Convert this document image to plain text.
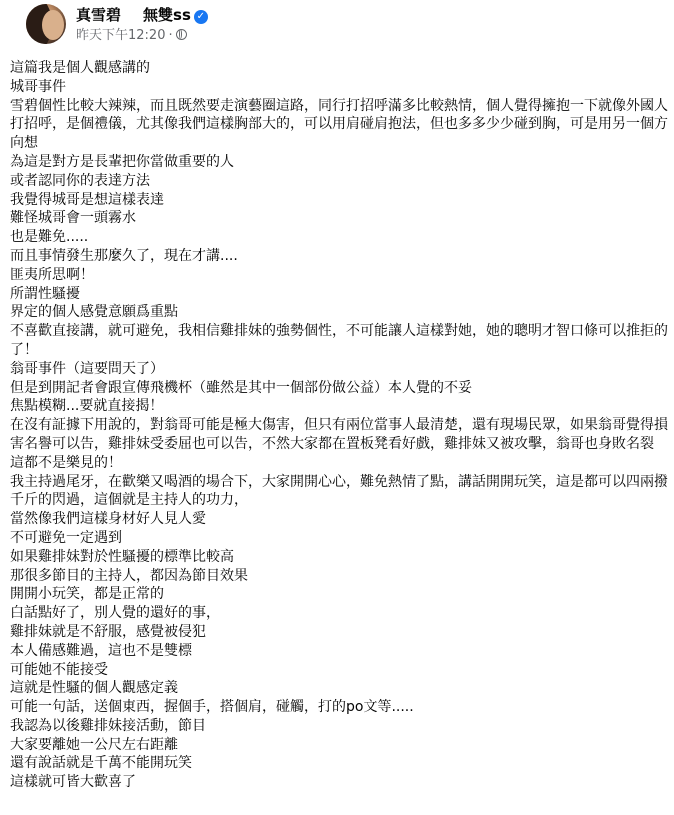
真雪碧 無雙ss ✓
昨天下午12:20 ·
這篇我是個人觀感講的
城哥事件
雪碧個性比較大辣辣，而且既然要走演藝圈這路，同行打招呼滿多比較熱情，個人覺得擁抱一下就像外國人打招呼，是個禮儀，尤其像我們這樣胸部大的，可以用肩碰肩抱法，但也多多少少碰到胸，可是用另一個方向想
為這是對方是長輩把你當做重要的人
或者認同你的表達方法
我覺得城哥是想這樣表達
難怪城哥會一頭霧水
也是難免.....
而且事情發生那麼久了，現在才講....
匪夷所思啊！
所謂性騷擾
界定的個人感覺意願爲重點
不喜歡直接講，就可避免，我相信雞排妹的強勢個性，不可能讓人這樣對她，她的聰明才智口條可以推拒的了！
翁哥事件（這要問天了）
但是到開記者會跟宣傳飛機杯（雖然是其中一個部份做公益）本人覺的不妥
焦點模糊...要就直接揭！
在沒有証據下用說的，對翁哥可能是極大傷害，但只有兩位當事人最清楚，還有現場民眾，如果翁哥覺得損害名譽可以告，雞排妹受委屈也可以告，不然大家都在置板凳看好戲，雞排妹又被攻擊，翁哥也身敗名裂
這都不是樂見的！
我主持過尾牙，在歡樂又喝酒的場合下，大家開開心心，難免熱情了點，講話開開玩笑，這是都可以四兩撥千斤的閃過，這個就是主持人的功力，
當然像我們這樣身材好人見人愛
不可避免一定遇到
如果雞排妹對於性騷擾的標準比較高
那很多節目的主持人，都因為節目效果
開開小玩笑，都是正常的
白話點好了，別人覺的還好的事，
雞排妹就是不舒服，感覺被侵犯
本人備感難過，這也不是雙標
可能她不能接受
這就是性騷的個人觀感定義
可能一句話，送個東西，握個手，搭個肩，碰觸，打的po文等.....
我認為以後雞排妹接活動，節目
大家要離她一公尺左右距離
還有說話就是千萬不能開玩笑
這樣就可皆大歡喜了
